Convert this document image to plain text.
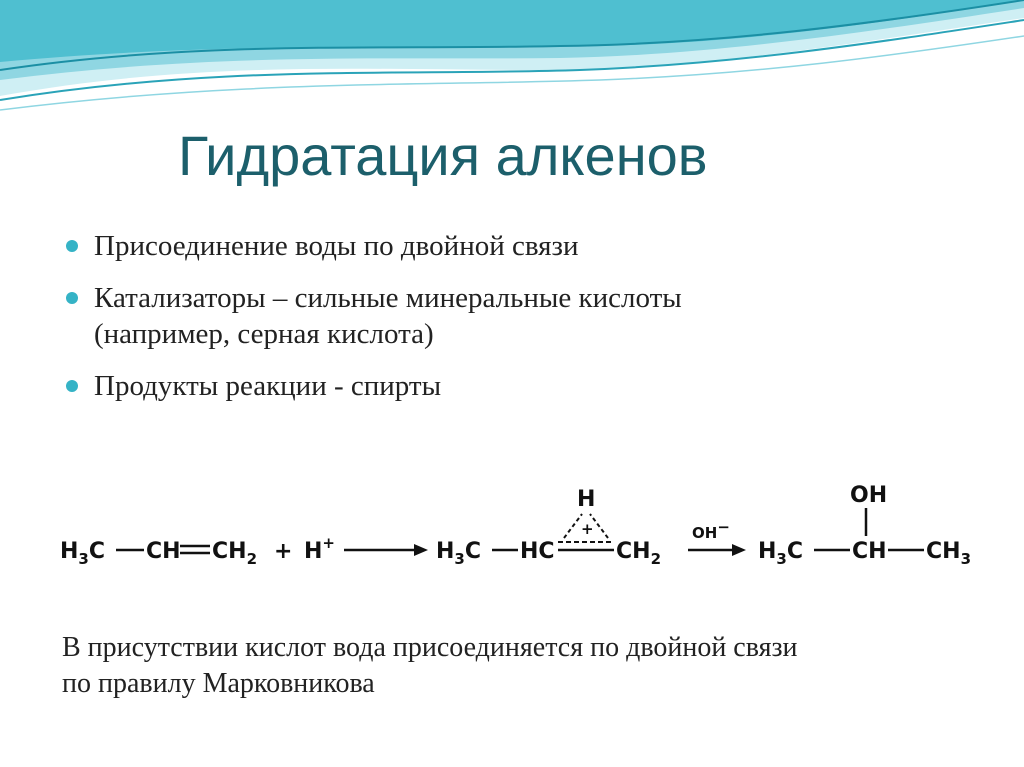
Гидратация алкенов
Присоединение воды по двойной связи
Катализаторы – сильные минеральные кислоты
(например, серная кислота)
Продукты реакции - спирты
$H_3C$ CH $CH_2 + H^+$	$H_3C$ HC
H
+
$CH_2$
OH−
$H_3C$ CH
OH
$CH_3$
В присутствии кислот вода присоединяется по двойной связи
по правилу Марковникова
